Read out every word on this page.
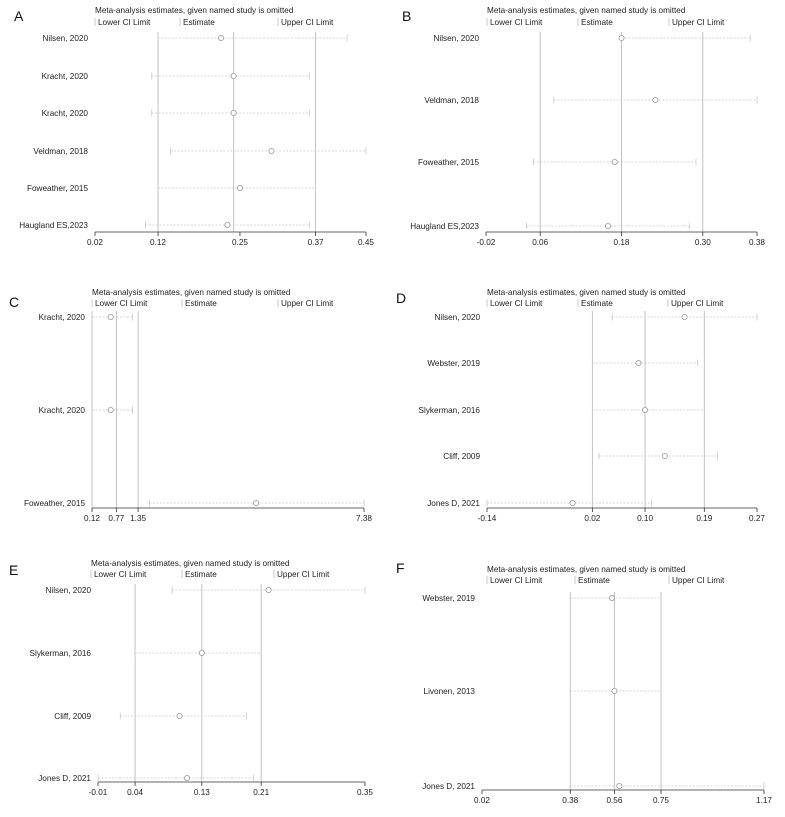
A	Meta-analysis estimates, given named study is omitted
Lower CI Limit	Estimate	Upper CI Limit
0.02	0.12	0.25	0.37	0.45
Nilsen, 2020
Kracht, 2020
Kracht, 2020
Veldman, 2018
Foweather, 2015
Haugland ES,2023
B	Meta-analysis estimates, given named study is omitted
Lower CI Limit	Estimate	Upper CI Limit
-0.02	0.06	0.18	0.30	0.38
Nilsen, 2020
Veldman, 2018
Foweather, 2015
Haugland ES,2023
C
Meta-analysis estimates, given named study is omitted
Lower CI Limit	Estimate	Upper CI Limit
0.12 0.77 1.35	7.38
Kracht, 2020
Kracht, 2020
Foweather, 2015
D	Meta-analysis estimates, given named study is omitted
Lower CI Limit	Estimate	Upper CI Limit
-0.14	0.02	0.10	0.19	0.27
Nilsen, 2020
Webster, 2019
Slykerman, 2016
Cliff, 2009
Jones D, 2021
E	Meta-analysis estimates, given named study is omitted
Lower CI Limit	Estimate	Upper CI Limit
-0.01 0.04	0.13	0.21	0.35
Nilsen, 2020
Slykerman, 2016
Cliff, 2009
Jones D, 2021
F	Meta-analysis estimates, given named study is omitted
Lower CI Limit	Estimate	Upper CI Limit
0.02	0.38	0.56	0.75	1.17
Webster, 2019
Livonen, 2013
Jones D, 2021
